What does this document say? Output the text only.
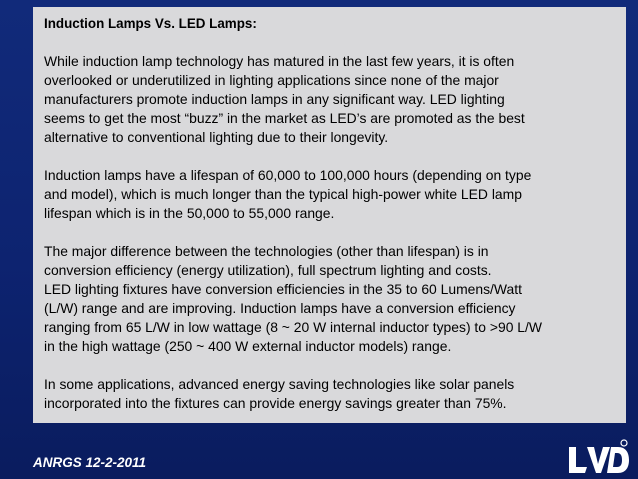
Induction Lamps Vs. LED Lamps:
While induction lamp technology has matured in the last few years, it is often
overlooked or underutilized in lighting applications since none of the major
manufacturers promote induction lamps in any significant way. LED lighting
seems to get the most “buzz” in the market as LED’s are promoted as the best
alternative to conventional lighting due to their longevity.
Induction lamps have a lifespan of 60,000 to 100,000 hours (depending on type
and model), which is much longer than the typical high-power white LED lamp
lifespan which is in the 50,000 to 55,000 range.
The major difference between the technologies (other than lifespan) is in
conversion efficiency (energy utilization), full spectrum lighting and costs.
LED lighting fixtures have conversion efficiencies in the 35 to 60 Lumens/Watt
(L/W) range and are improving. Induction lamps have a conversion efficiency
ranging from 65 L/W in low wattage (8 ~ 20 W internal inductor types) to >90 L/W
in the high wattage (250 ~ 400 W external inductor models) range.
In some applications, advanced energy saving technologies like solar panels
incorporated into the fixtures can provide energy savings greater than 75%.
ANRGS 12-2-2011
